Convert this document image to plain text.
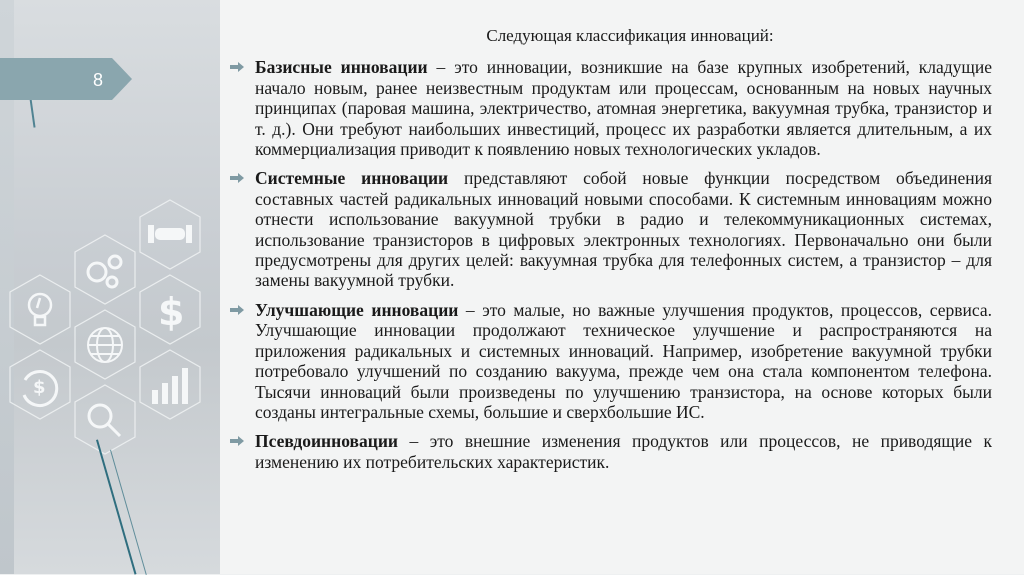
$
$
8
Следующая классификация инноваций:
Базисные инновации – это инновации, возникшие на базе крупных изобретений, кладущие начало новым, ранее неизвестным продуктам или процессам, основанным на новых научных принципах (паровая машина, электричество, атомная энергетика, вакуумная трубка, транзистор и т. д.). Они требуют наибольших инвестиций, процесс их разработки является длительным, а их коммерциализация приводит к появлению новых технологических укладов.
Системные инновации представляют собой новые функции посредством объединения составных частей радикальных инноваций новыми способами. К системным инновациям можно отнести использование вакуумной трубки в радио и телекоммуникационных системах, использование транзисторов в цифровых электронных технологиях. Первоначально они были предусмотрены для других целей: вакуумная трубка для телефонных систем, а транзистор – для замены вакуумной трубки.
Улучшающие инновации – это малые, но важные улучшения продуктов, процессов, сервиса. Улучшающие инновации продолжают техническое улучшение и распространяются на приложения радикальных и системных инноваций. Например, изобретение вакуумной трубки потребовало улучшений по созданию вакуума, прежде чем она стала компонентом телефона. Тысячи инноваций были произведены по улучшению транзистора, на основе которых были созданы интегральные схемы, большие и сверхбольшие ИС.
Псевдоинновации – это внешние изменения продуктов или процессов, не приводящие к изменению их потребительских характеристик.
